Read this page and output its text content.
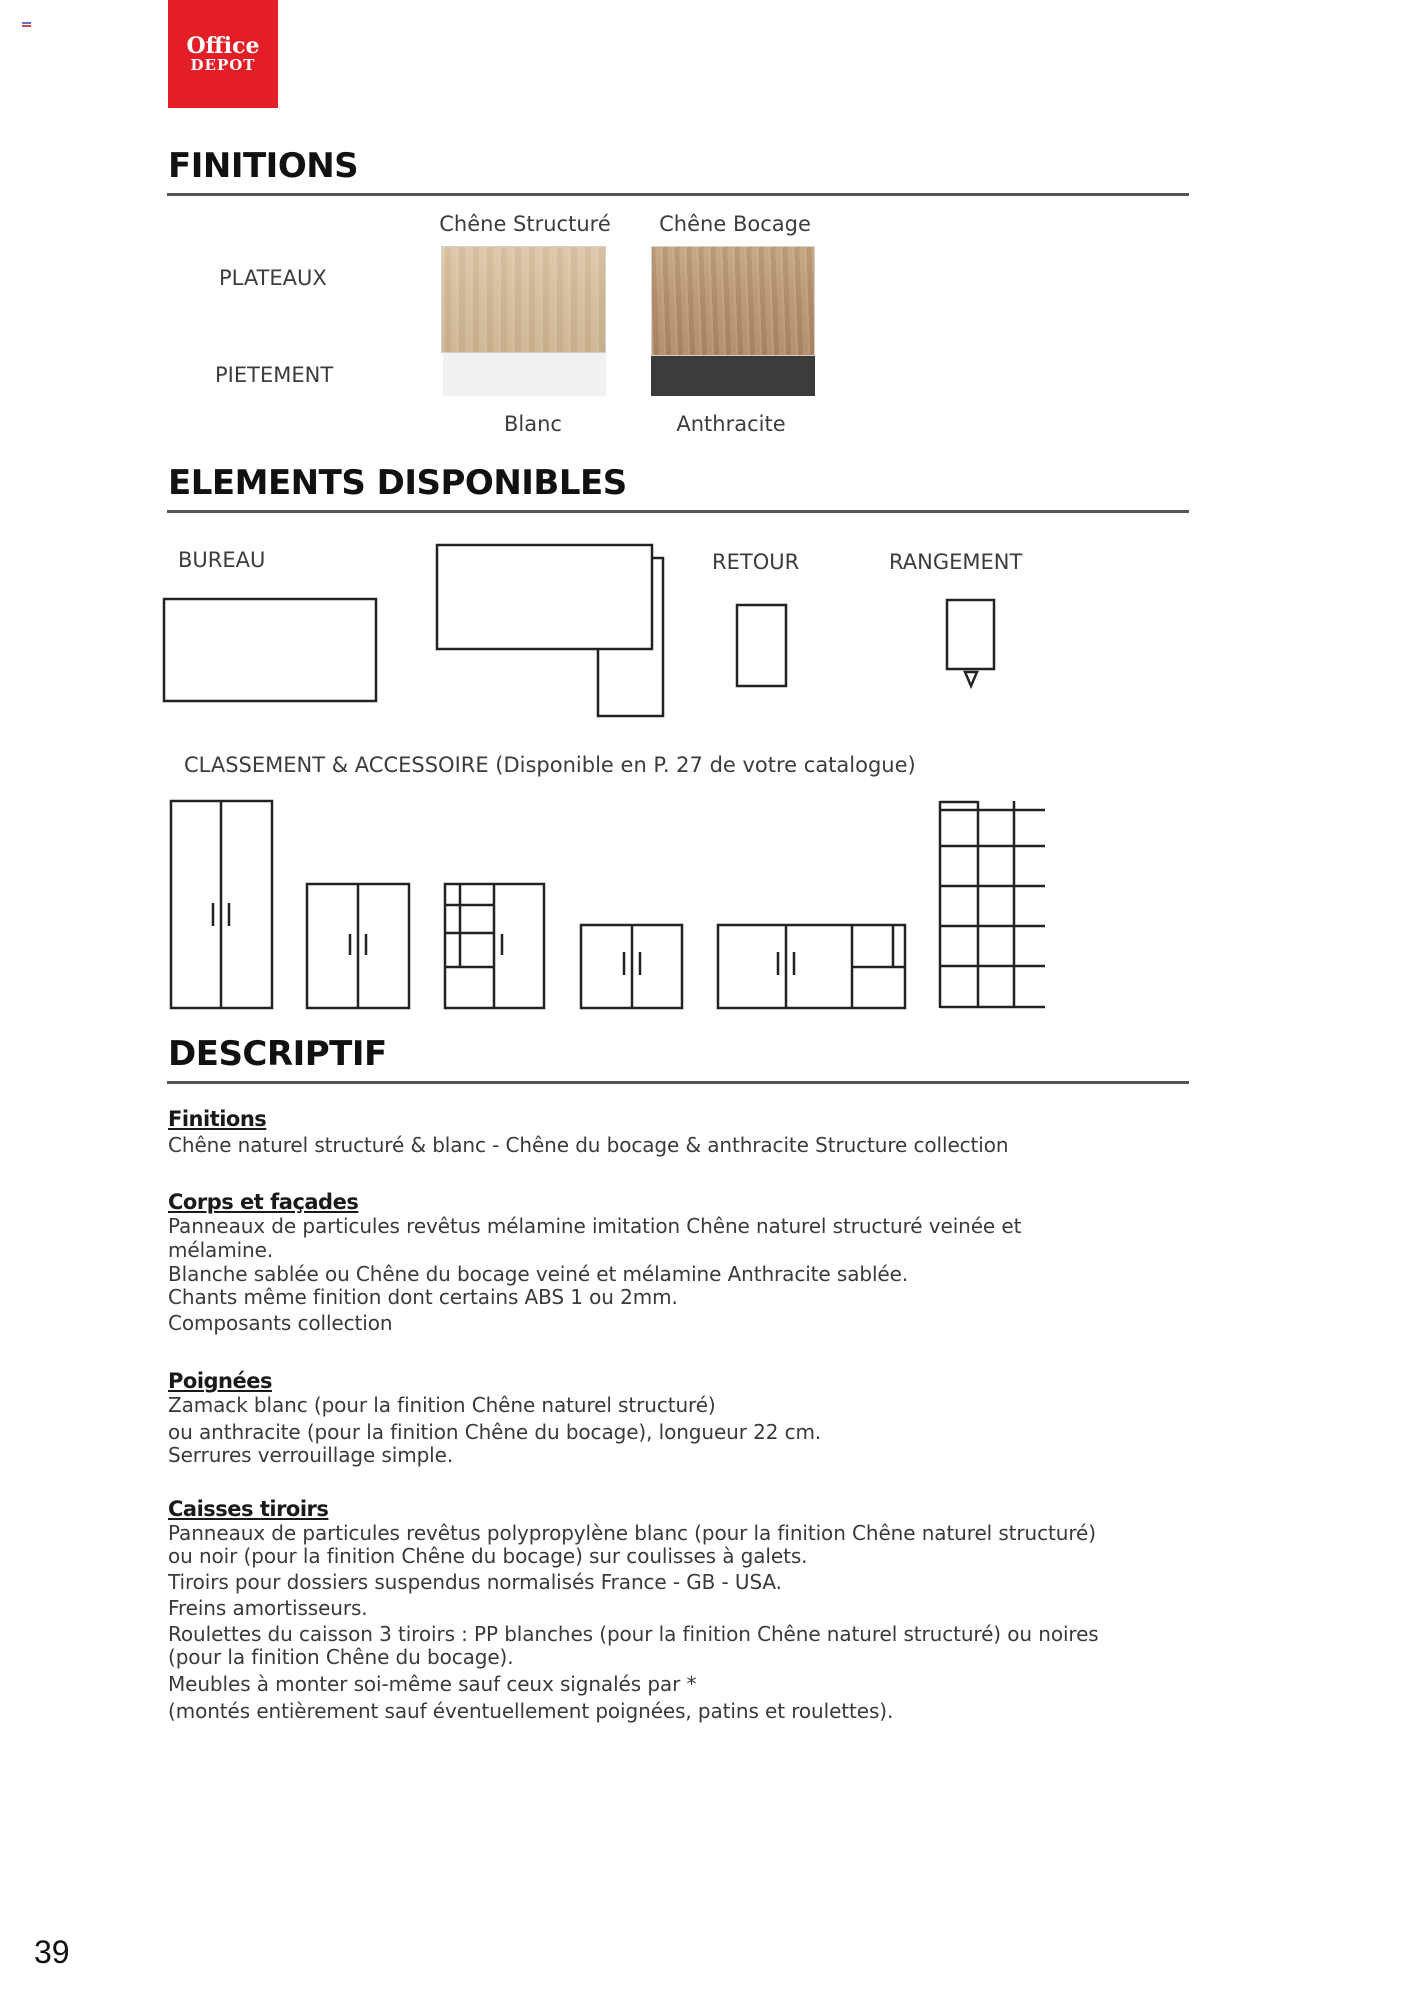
Office
DEPOT
FINITIONS
PLATEAUX
PIETEMENT
Chêne Structuré	Chêne Bocage
Blanc	Anthracite
ELEMENTS DISPONIBLES
BUREAU	RETOUR	RANGEMENT
CLASSEMENT & ACCESSOIRE (Disponible en P. 27 de votre catalogue)
DESCRIPTIF
Finitions
Chêne naturel structuré & blanc - Chêne du bocage & anthracite Structure collection
Corps et façades
Panneaux de particules revêtus mélamine imitation Chêne naturel structuré veinée et
mélamine.
Blanche sablée ou Chêne du bocage veiné et mélamine Anthracite sablée.
Chants même finition dont certains ABS 1 ou 2mm.
Composants collection
Poignées
Zamack blanc (pour la finition Chêne naturel structuré)
ou anthracite (pour la finition Chêne du bocage), longueur 22 cm.
Serrures verrouillage simple.
Caisses tiroirs
Panneaux de particules revêtus polypropylène blanc (pour la finition Chêne naturel structuré)
ou noir (pour la finition Chêne du bocage) sur coulisses à galets.
Tiroirs pour dossiers suspendus normalisés France - GB - USA.
Freins amortisseurs.
Roulettes du caisson 3 tiroirs : PP blanches (pour la finition Chêne naturel structuré) ou noires
(pour la finition Chêne du bocage).
Meubles à monter soi-même sauf ceux signalés par *
(montés entièrement sauf éventuellement poignées, patins et roulettes).
39
